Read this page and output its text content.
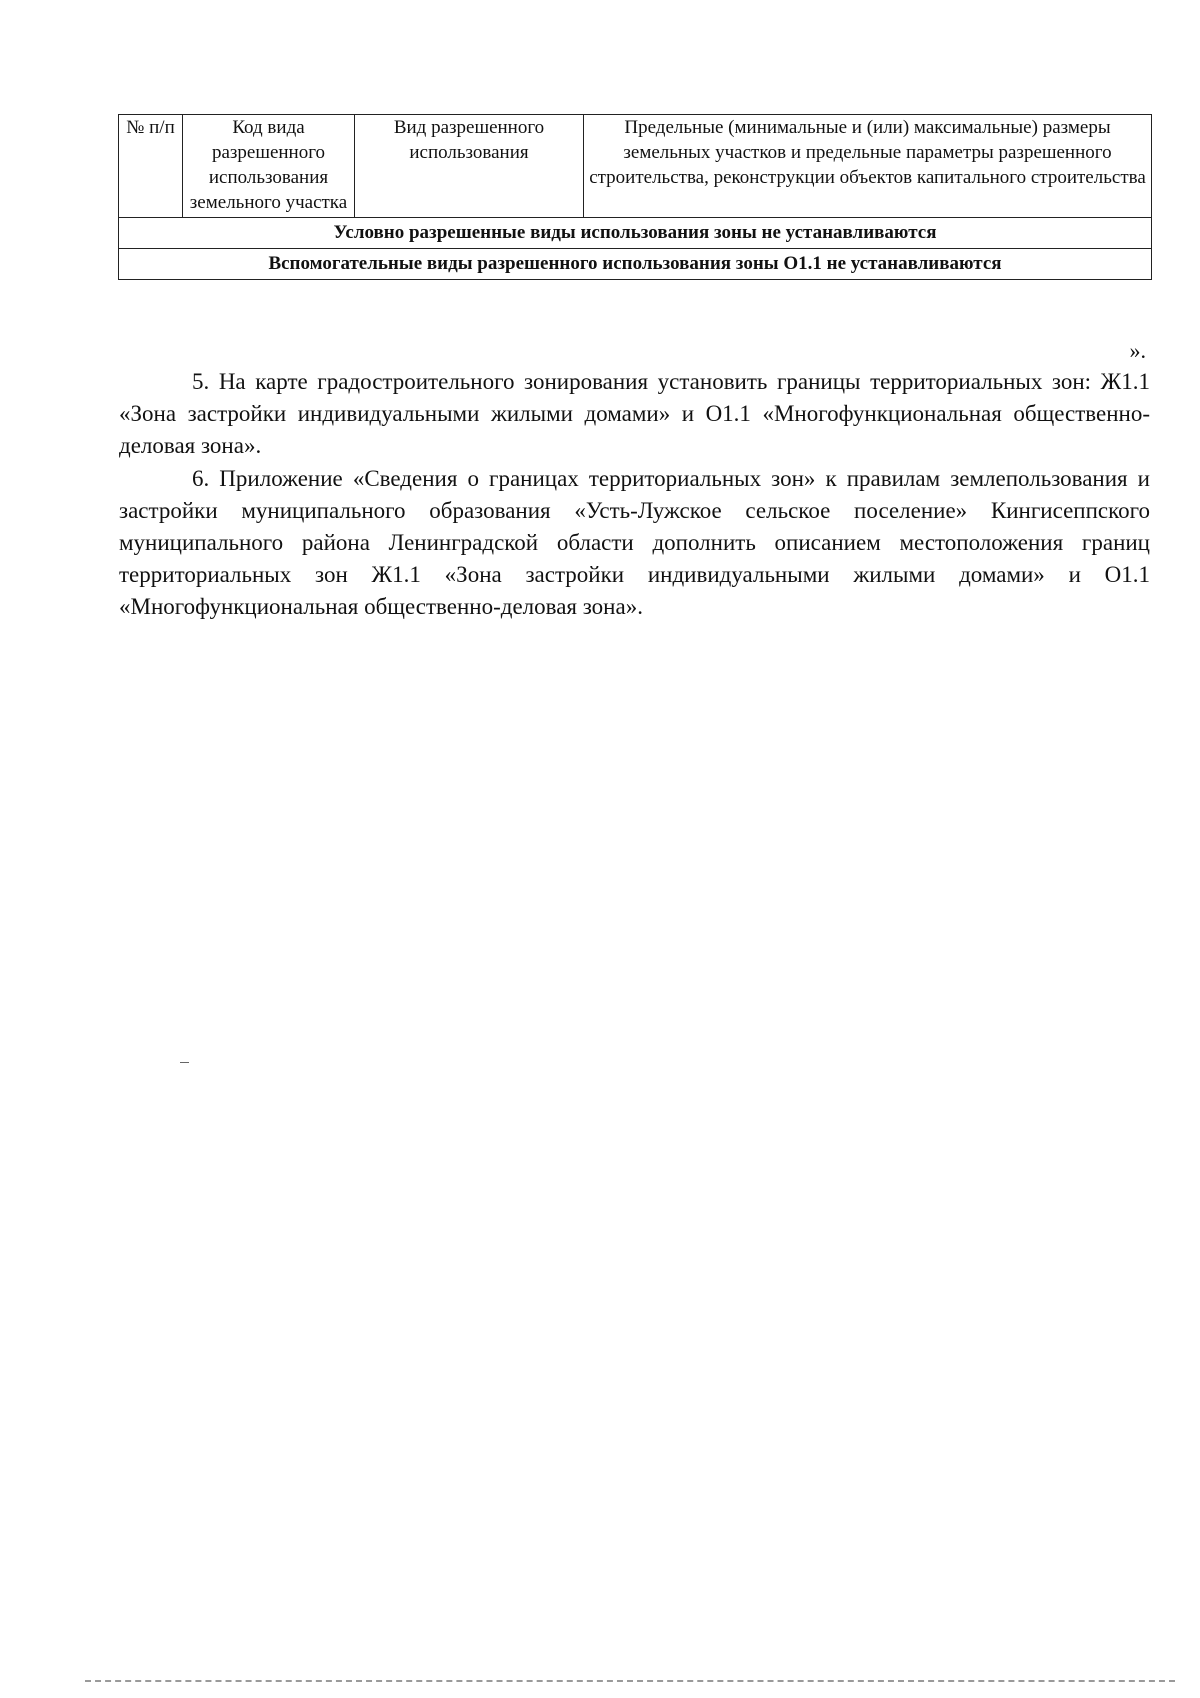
№ п/п	Код вида разрешенного использования земельного участка	Вид разрешенного использования	Предельные (минимальные и (или) максимальные) размеры земельных участков и предельные параметры разрешенного строительства, реконструкции объектов капитального строительства
Условно разрешенные виды использования зоны не устанавливаются
Вспомогательные виды разрешенного использования зоны О1.1 не устанавливаются
».

5. На карте градостроительного зонирования установить границы территориальных зон: Ж1.1 «Зона застройки индивидуальными жилыми домами» и О1.1 «Многофункциональная общественно-деловая зона».

6. Приложение «Сведения о границах территориальных зон» к правилам землепользования и застройки муниципального образования «Усть-Лужское сельское поселение» Кингисеппского муниципального района Ленинградской области дополнить описанием местоположения границ территориальных зон Ж1.1 «Зона застройки индивидуальными жилыми домами» и О1.1 «Многофункциональная общественно-деловая зона».
